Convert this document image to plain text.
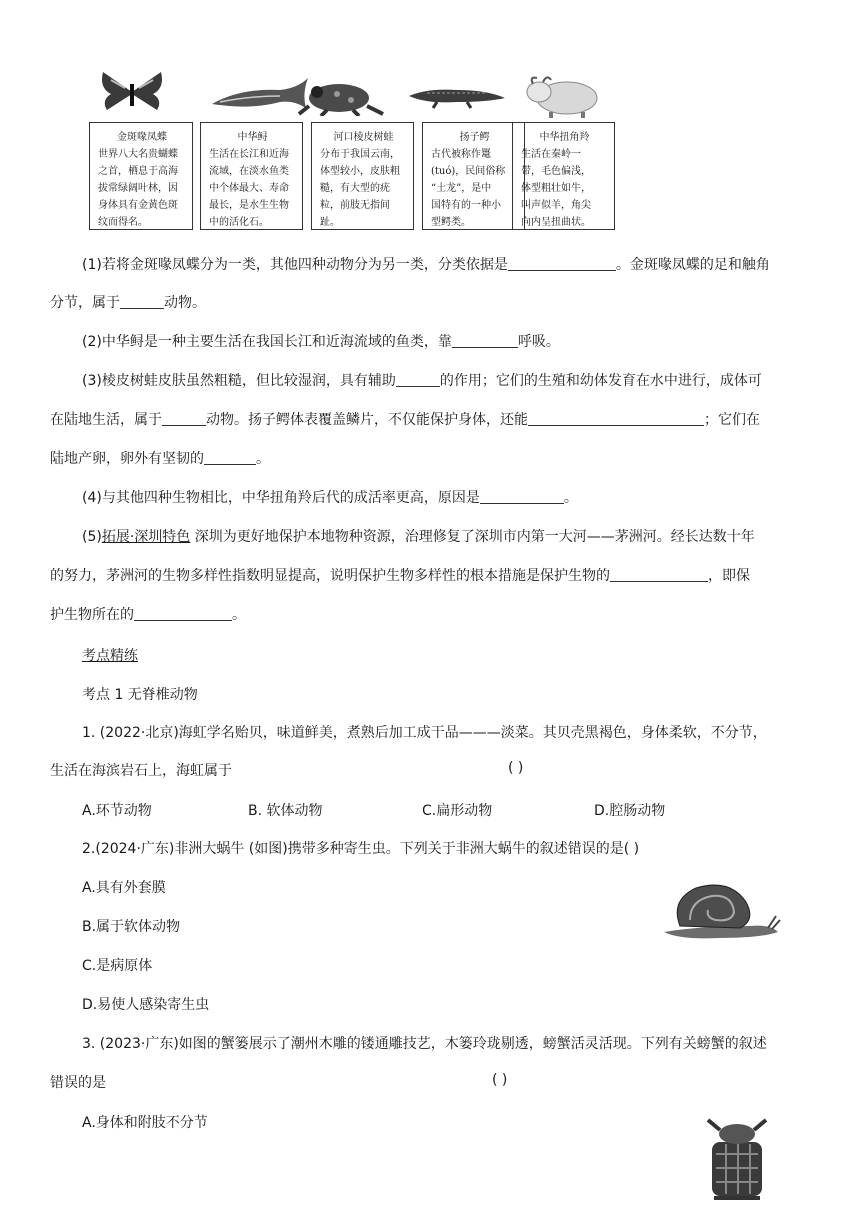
金斑喙凤蝶
世界八大名贵蝴蝶
之首，栖息于高海
拔常绿阔叶林，因
身体具有金黄色斑
纹而得名。
中华鲟
生活在长江和近海
流域，在淡水鱼类
中个体最大、寿命
最长，是水生生物
中的活化石。
河口棱皮树蛙
分布于我国云南，
体型较小，皮肤粗
糙，有大型的疣
粒，前肢无指间
趾。
扬子鳄
古代被称作鼍
(tuó)，民间俗称
“土龙”，是中
国特有的一种小
型鳄类。
中华扭角羚
生活在秦岭一
带，毛色偏浅，
体型粗壮如牛，
叫声似羊，角尖
向内呈扭曲状。
(1)若将金斑喙凤蝶分为一类，其他四种动物分为另一类，分类依据是	。金斑喙凤蝶的足和触角
分节，属于	动物。
(2)中华鲟是一种主要生活在我国长江和近海流域的鱼类，靠	呼吸。
(3)棱皮树蛙皮肤虽然粗糙，但比较湿润，具有辅助	的作用；它们的生殖和幼体发育在水中进行，成体可
在陆地生活，属于	动物。扬子鳄体表覆盖鳞片，不仅能保护身体，还能	；它们在
陆地产卵，卵外有坚韧的	。
(4)与其他四种生物相比，中华扭角羚后代的成活率更高，原因是	。
(5)拓展·深圳特色 深圳为更好地保护本地物种资源，治理修复了深圳市内第一大河——茅洲河。经长达数十年
的努力，茅洲河的生物多样性指数明显提高，说明保护生物多样性的根本措施是保护生物的	，即保
护生物所在的	。
考点精练
考点 1 无脊椎动物
1. (2022·北京)海虹学名贻贝，味道鲜美，煮熟后加工成干品———淡菜。其贝壳黑褐色，身体柔软，不分节，
生活在海滨岩石上，海虹属于	( )
A.环节动物	B. 软体动物	C.扁形动物	D.腔肠动物
2.(2024·广东)非洲大蜗牛 (如图)携带多种寄生虫。下列关于非洲大蜗牛的叙述错误的是( )
A.具有外套膜
B.属于软体动物
C.是病原体
D.易使人感染寄生虫
3. (2023·广东)如图的蟹篓展示了潮州木雕的镂通雕技艺，木篓玲珑剔透，螃蟹活灵活现。下列有关螃蟹的叙述
错误的是	( )
A.身体和附肢不分节
